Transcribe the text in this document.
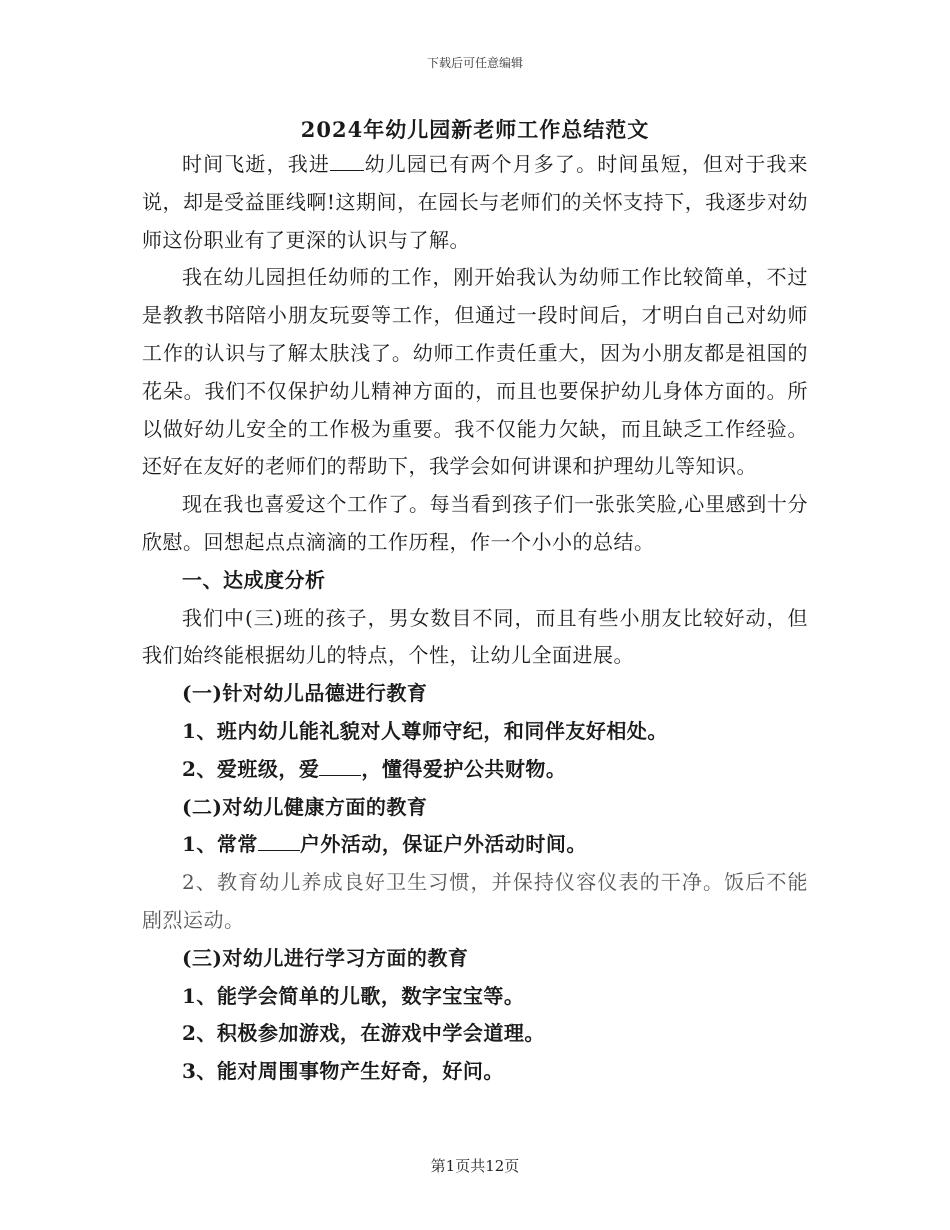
下载后可任意编辑
2024年幼儿园新老师工作总结范文

时间飞逝，我进 幼儿园已有两个月多了。时间虽短，但对于我来说，却是受益匪线啊!这期间，在园长与老师们的关怀支持下，我逐步对幼师这份职业有了更深的认识与了解。

我在幼儿园担任幼师的工作，刚开始我认为幼师工作比较简单，不过是教教书陪陪小朋友玩耍等工作，但通过一段时间后，才明白自己对幼师工作的认识与了解太肤浅了。幼师工作责任重大，因为小朋友都是祖国的花朵。我们不仅保护幼儿精神方面的，而且也要保护幼儿身体方面的。所以做好幼儿安全的工作极为重要。我不仅能力欠缺，而且缺乏工作经验。还好在友好的老师们的帮助下，我学会如何讲课和护理幼儿等知识。

现在我也喜爱这个工作了。每当看到孩子们一张张笑脸,心里感到十分欣慰。回想起点点滴滴的工作历程，作一个小小的总结。

一、达成度分析

我们中(三)班的孩子，男女数目不同，而且有些小朋友比较好动，但我们始终能根据幼儿的特点，个性，让幼儿全面进展。

(一)针对幼儿品德进行教育

1、班内幼儿能礼貌对人尊师守纪，和同伴友好相处。

2、爱班级，爱 ，懂得爱护公共财物。

(二)对幼儿健康方面的教育

1、常常 户外活动，保证户外活动时间。

2、教育幼儿养成良好卫生习惯，并保持仪容仪表的干净。饭后不能剧烈运动。

(三)对幼儿进行学习方面的教育

1、能学会简单的儿歌，数字宝宝等。

2、积极参加游戏，在游戏中学会道理。

3、能对周围事物产生好奇，好问。

第1页共12页
